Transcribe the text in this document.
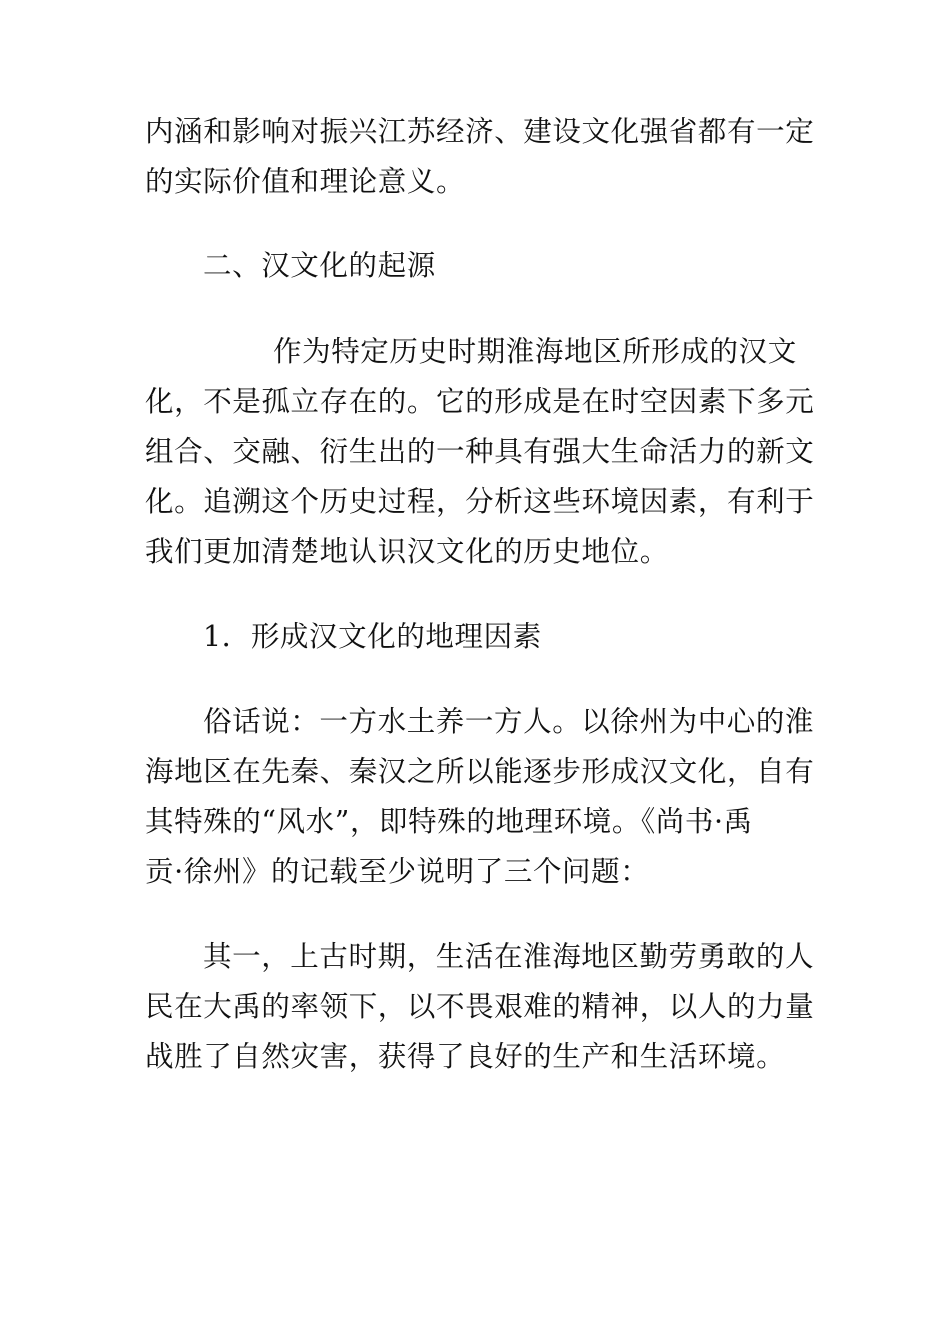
内涵和影响对振兴江苏经济、建设文化强省都有一定
的实际价值和理论意义。
二、汉文化的起源
作为特定历史时期淮海地区所形成的汉文
化，不是孤立存在的。它的形成是在时空因素下多元
组合、交融、衍生出的一种具有强大生命活力的新文
化。追溯这个历史过程，分析这些环境因素，有利于
我们更加清楚地认识汉文化的历史地位。
1．形成汉文化的地理因素
俗话说：一方水土养一方人。以徐州为中心的淮
海地区在先秦、秦汉之所以能逐步形成汉文化，自有
其特殊的“风水”，即特殊的地理环境。《尚书·禹
贡·徐州》的记载至少说明了三个问题：
其一，上古时期，生活在淮海地区勤劳勇敢的人
民在大禹的率领下，以不畏艰难的精神，以人的力量
战胜了自然灾害，获得了良好的生产和生活环境。
